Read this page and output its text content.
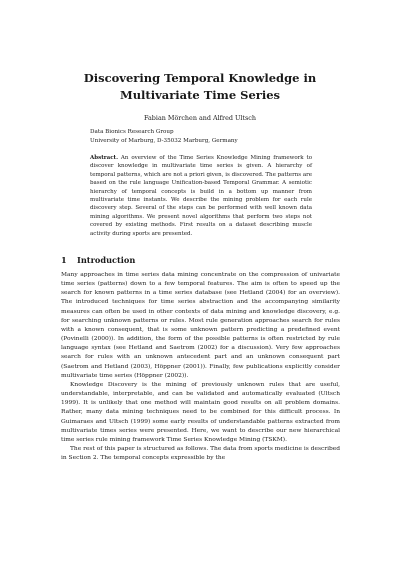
Discovering Temporal Knowledge in
Multivariate Time Series
Fabian Mörchen and Alfred Ultsch
Data Bionics Research Group
University of Marburg, D-35032 Marburg, Germany
Abstract. An overview of the Time Series Knowledge Mining framework to discover knowledge in multivariate time series is given. A hierarchy of temporal patterns, which are not a priori given, is discovered. The patterns are based on the rule language Unification-based Temporal Grammar. A semiotic hierarchy of temporal concepts is build in a bottom up manner from multivariate time instants. We describe the mining problem for each rule discovery step. Several of the steps can be performed with well known data mining algorithms. We present novel algorithms that perform two steps not covered by existing methods. First results on a dataset describing muscle activity during sports are presented.
1 Introduction

Many approaches in time series data mining concentrate on the compression of univariate time series (patterns) down to a few temporal features. The aim is often to speed up the search for known patterns in a time series database (see Hetland (2004) for an overview). The introduced techniques for time series abstraction and the accompanying similarity measures can often be used in other contexts of data mining and knowledge discovery, e.g. for searching unknown patterns or rules. Most rule generation approaches search for rules with a known consequent, that is some unknown pattern predicting a predefined event (Povinelli (2000)). In addition, the form of the possible patterns is often restricted by rule language syntax (see Hetland and Saetrom (2002) for a discussion). Very few approaches search for rules with an unknown antecedent part and an unknown consequent part (Saetrom and Hetland (2003), Höppner (2001)). Finally, few publications explicitly consider multivariate time series (Höppner (2002)).

Knowledge Discovery is the mining of previously unknown rules that are useful, understandable, interpretable, and can be validated and automatically evaluated (Ultsch 1999). It is unlikely that one method will maintain good results on all problem domains. Rather, many data mining techniques need to be combined for this difficult process. In Guimaraes and Ultsch (1999) some early results of understandable patterns extracted from multivariate times series were presented. Here, we want to describe our new hierarchical time series rule mining framework Time Series Knowledge Mining (TSKM).

The rest of this paper is structured as follows. The data from sports medicine is described in Section 2. The temporal concepts expressible by the
